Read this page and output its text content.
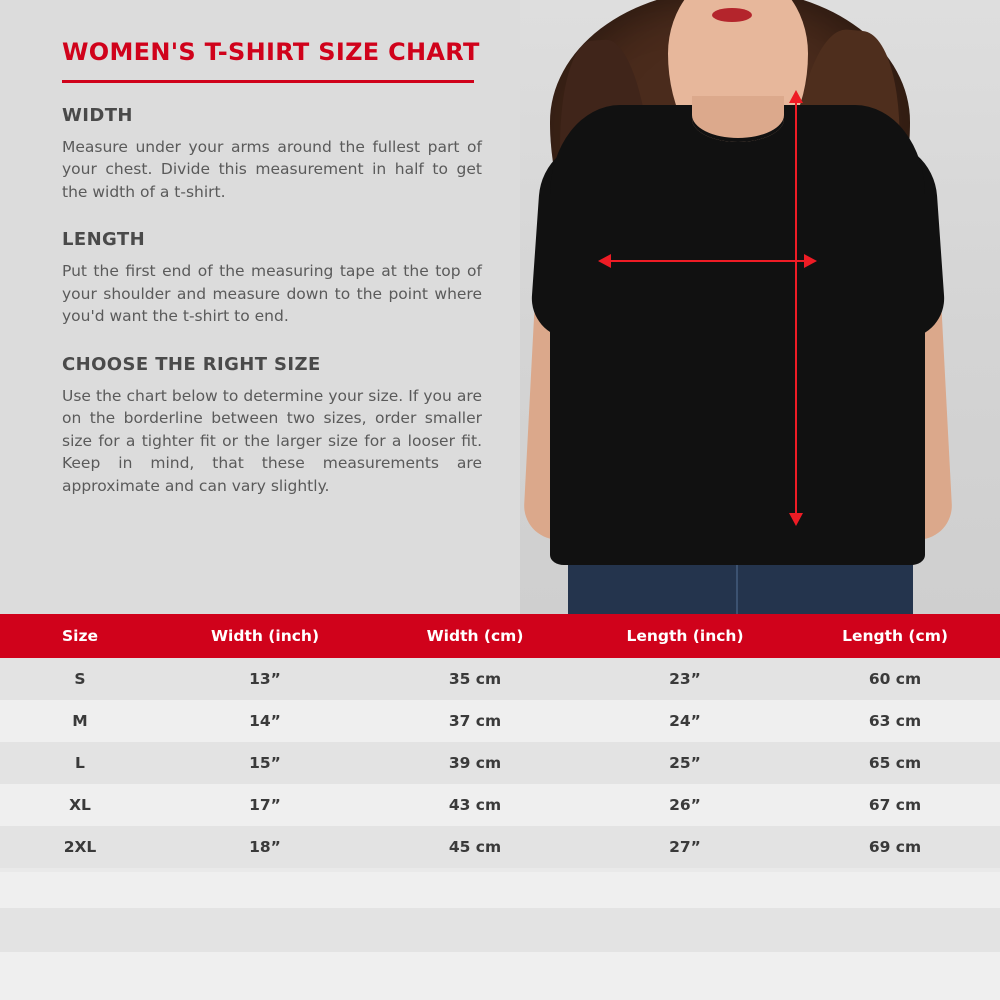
WOMEN'S T-SHIRT SIZE CHART
WIDTH
Measure under your arms around the fullest part of your chest. Divide this measurement in half to get the width of a t-shirt.
LENGTH
Put the first end of the measuring tape at the top of your shoulder and measure down to the point where you'd want the t-shirt to end.
CHOOSE THE RIGHT SIZE
Use the chart below to determine your size. If you are on the borderline between two sizes, order smaller size for a tighter fit or the larger size for a looser fit. Keep in mind, that these measurements are approximate and can vary slightly.
Size	Width (inch)	Width (cm)	Length (inch)	Length (cm)
S	13”	35 cm	23”	60 cm
M	14”	37 cm	24”	63 cm
L	15”	39 cm	25”	65 cm
XL	17”	43 cm	26”	67 cm
2XL	18”	45 cm	27”	69 cm
